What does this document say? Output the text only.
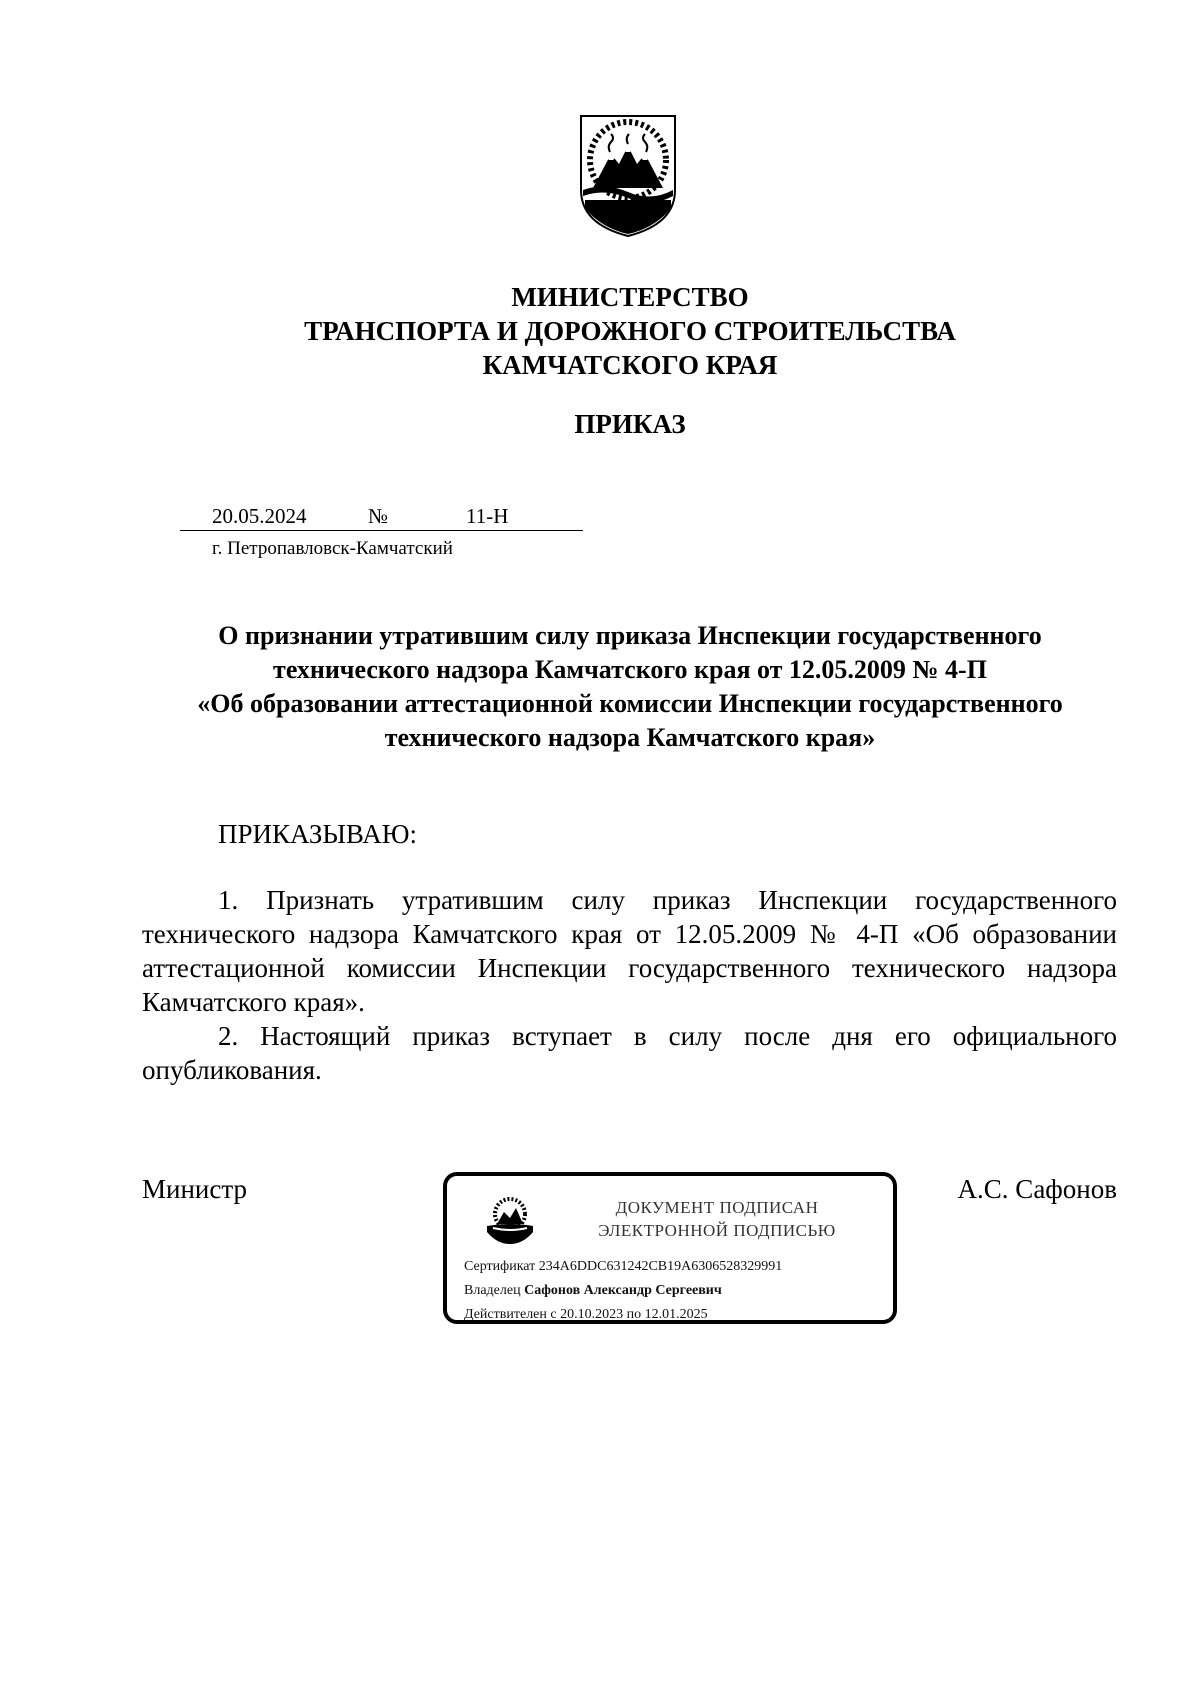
МИНИСТЕРСТВО
ТРАНСПОРТА И ДОРОЖНОГО СТРОИТЕЛЬСТВА
КАМЧАТСКОГО КРАЯ
ПРИКАЗ
20.05.2024	№	11-Н
г. Петропавловск-Камчатский
О признании утратившим силу приказа Инспекции государственного
технического надзора Камчатского края от 12.05.2009 № 4-П
«Об образовании аттестационной комиссии Инспекции государственного
технического надзора Камчатского края»
ПРИКАЗЫВАЮ:

1. Признать утратившим силу приказ Инспекции государственного технического надзора Камчатского края от 12.05.2009 № 4-П «Об образовании аттестационной комиссии Инспекции государственного технического надзора Камчатского края».

2. Настоящий приказ вступает в силу после дня его официального опубликования.

Министр	А.С. Сафонов
ДОКУМЕНТ ПОДПИСАН
ЭЛЕКТРОННОЙ ПОДПИСЬЮ
Сертификат 234A6DDC631242CB19A6306528329991
Владелец Сафонов Александр Сергеевич
Действителен с 20.10.2023 по 12.01.2025
